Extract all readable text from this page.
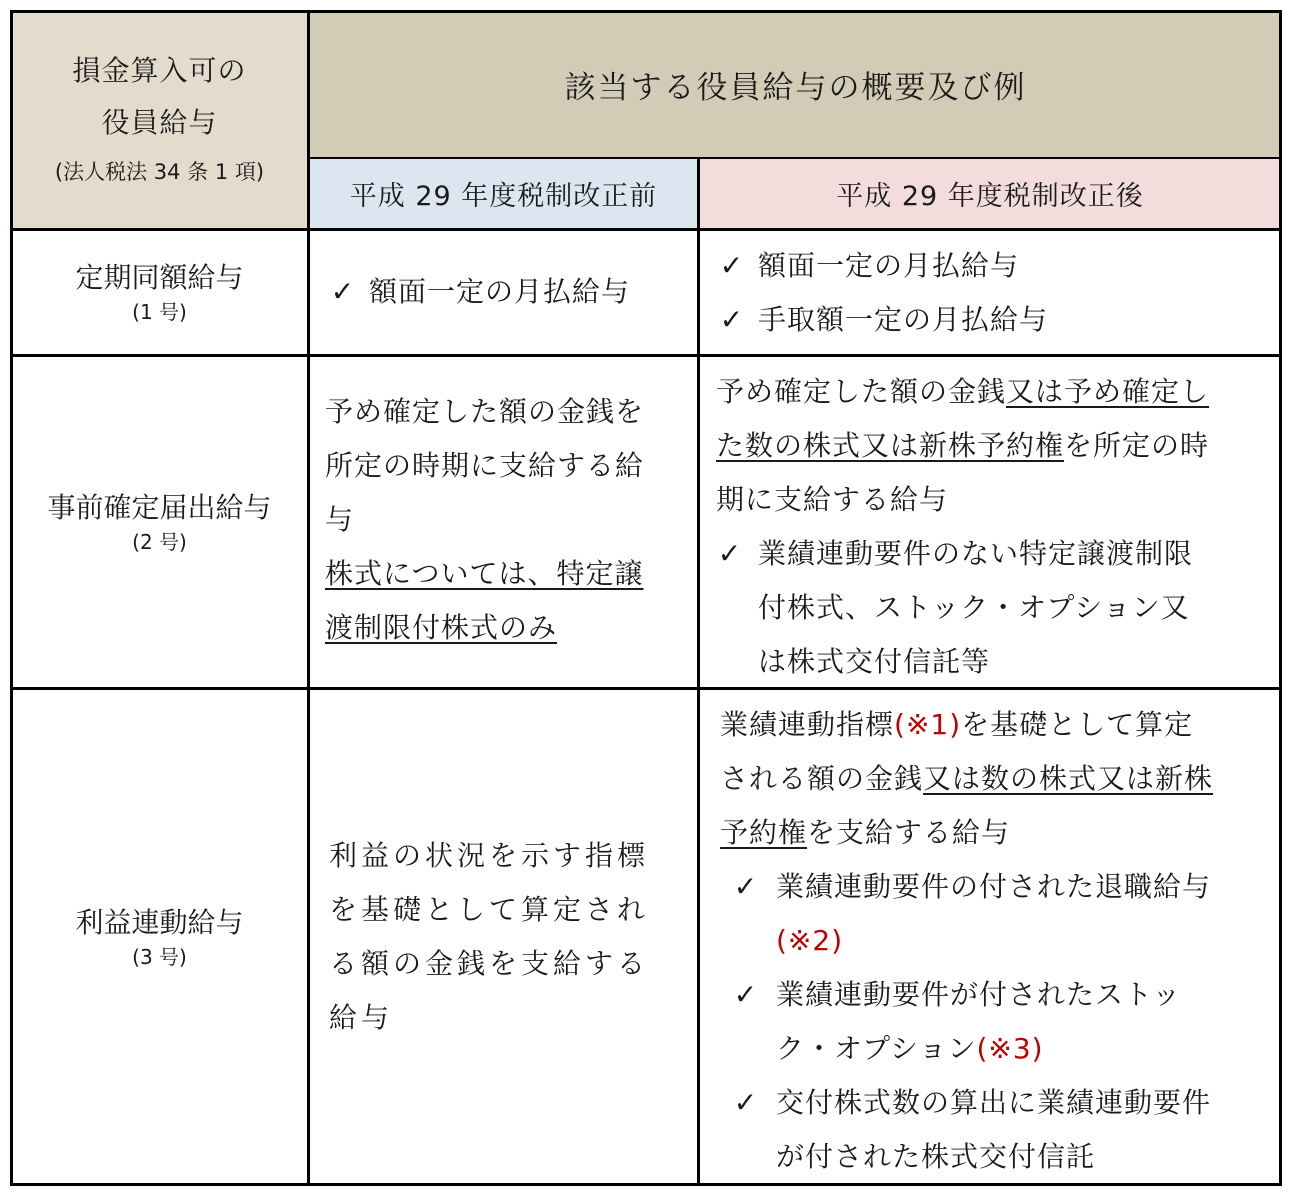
損金算入可の
役員給与
(法人税法 34 条 1 項)
該当する役員給与の概要及び例
平成 29 年度税制改正前	平成 29 年度税制改正後
定期同額給与
(1 号)
✓ 額面一定の月払給与
✓ 額面一定の月払給与
✓ 手取額一定の月払給与
事前確定届出給与
(2 号)

予め確定した額の金銭を

所定の時期に支給する給

与

株式については、特定譲

渡制限付株式のみ

予め確定した額の金銭又は予め確定し

た数の株式又は新株予約権を所定の時

期に支給する給与

✓ 業績連動要件のない特定譲渡制限

付株式、ストック・オプション又

は株式交付信託等

利益連動給与
(3 号)

利益の状況を示す指標

を基礎として算定され

る額の金銭を支給する

給与

業績連動指標(※1)を基礎として算定

される額の金銭又は数の株式又は新株

予約権を支給する給与

✓ 業績連動要件の付された退職給与

(※2)

✓ 業績連動要件が付されたストッ

ク・オプション(※3)

✓ 交付株式数の算出に業績連動要件

が付された株式交付信託
